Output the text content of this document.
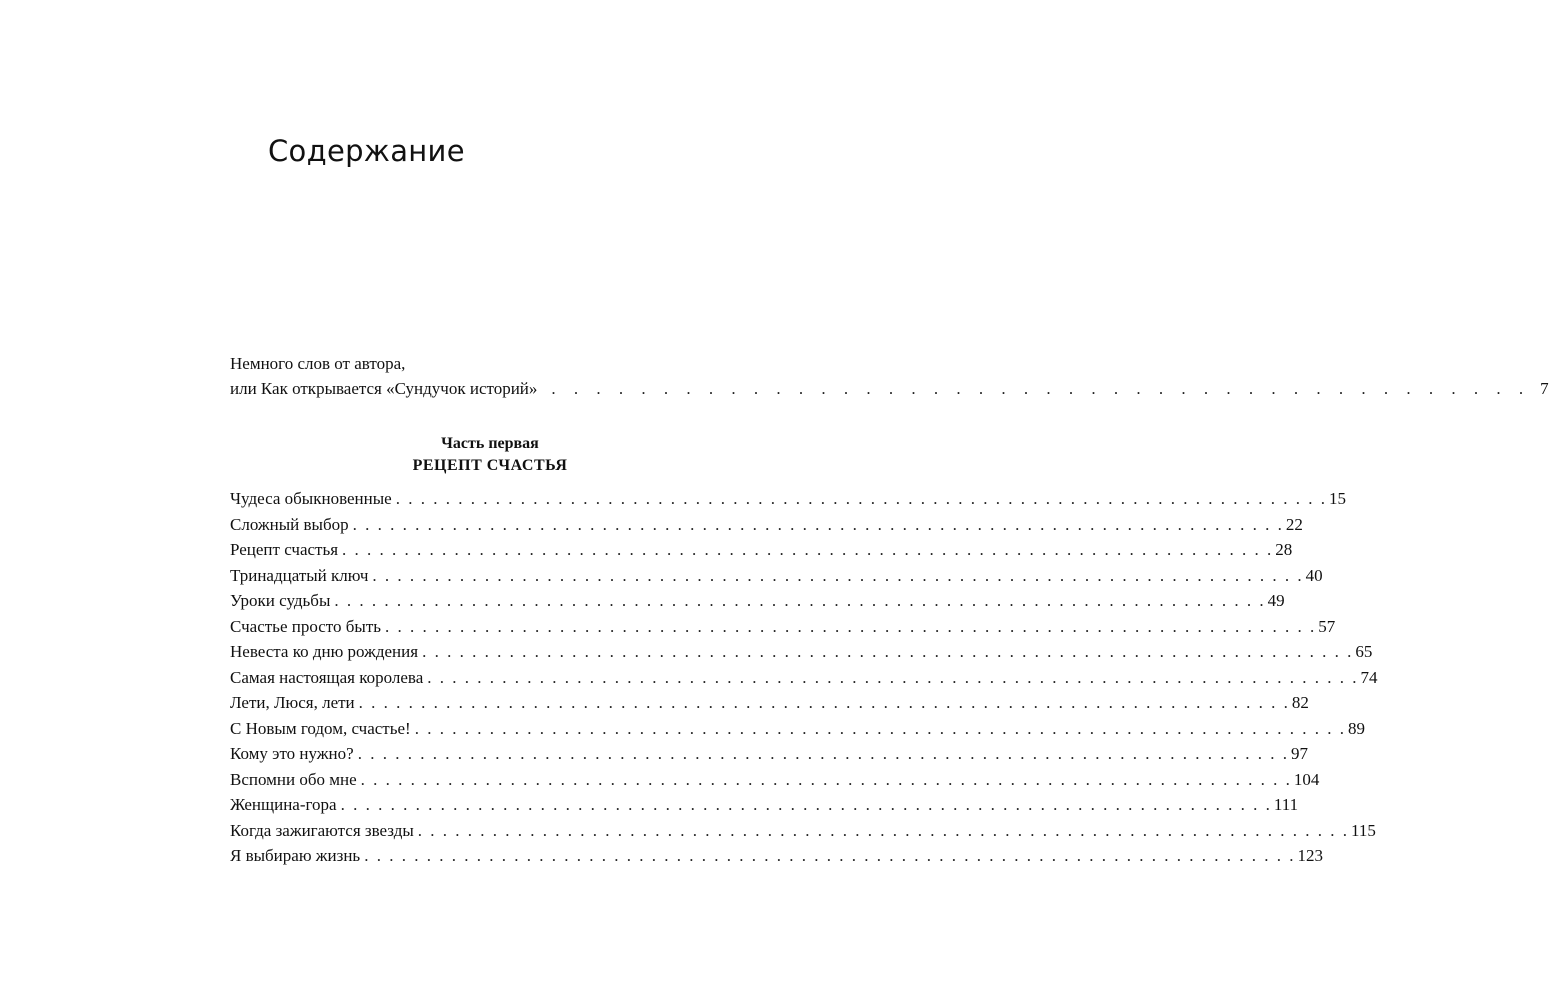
Содержание
Немного слов от автора,
или Как открывается «Сундучок историй» . . . . . . . . . . . . . . . . . . . . . . . . . . . . . . . . . . . . . . . . . . . . 7
Часть первая
РЕЦЕПТ СЧАСТЬЯ
Чудеса обыкновенные . . . . . . . . . . . . . . . . . . . . . . . . . . . . . . . . . . . . . . . . . . . . . . . . . . . . . . . . . . . . . . . . . . . . . . . . . . . 15
Сложный выбор . . . . . . . . . . . . . . . . . . . . . . . . . . . . . . . . . . . . . . . . . . . . . . . . . . . . . . . . . . . . . . . . . . . . . . . . . . . 22
Рецепт счастья . . . . . . . . . . . . . . . . . . . . . . . . . . . . . . . . . . . . . . . . . . . . . . . . . . . . . . . . . . . . . . . . . . . . . . . . . . . 28
Тринадцатый ключ . . . . . . . . . . . . . . . . . . . . . . . . . . . . . . . . . . . . . . . . . . . . . . . . . . . . . . . . . . . . . . . . . . . . . . . . . . . 40
Уроки судьбы . . . . . . . . . . . . . . . . . . . . . . . . . . . . . . . . . . . . . . . . . . . . . . . . . . . . . . . . . . . . . . . . . . . . . . . . . . . 49
Счастье просто быть . . . . . . . . . . . . . . . . . . . . . . . . . . . . . . . . . . . . . . . . . . . . . . . . . . . . . . . . . . . . . . . . . . . . . . . . . . . 57
Невеста ко дню рождения . . . . . . . . . . . . . . . . . . . . . . . . . . . . . . . . . . . . . . . . . . . . . . . . . . . . . . . . . . . . . . . . . . . . . . . . . . . 65
Самая настоящая королева . . . . . . . . . . . . . . . . . . . . . . . . . . . . . . . . . . . . . . . . . . . . . . . . . . . . . . . . . . . . . . . . . . . . . . . . . . . 74
Лети, Люся, лети . . . . . . . . . . . . . . . . . . . . . . . . . . . . . . . . . . . . . . . . . . . . . . . . . . . . . . . . . . . . . . . . . . . . . . . . . . . 82
С Новым годом, счастье! . . . . . . . . . . . . . . . . . . . . . . . . . . . . . . . . . . . . . . . . . . . . . . . . . . . . . . . . . . . . . . . . . . . . . . . . . . . 89
Кому это нужно? . . . . . . . . . . . . . . . . . . . . . . . . . . . . . . . . . . . . . . . . . . . . . . . . . . . . . . . . . . . . . . . . . . . . . . . . . . . 97
Вспомни обо мне . . . . . . . . . . . . . . . . . . . . . . . . . . . . . . . . . . . . . . . . . . . . . . . . . . . . . . . . . . . . . . . . . . . . . . . . . . . 104
Женщина-гора . . . . . . . . . . . . . . . . . . . . . . . . . . . . . . . . . . . . . . . . . . . . . . . . . . . . . . . . . . . . . . . . . . . . . . . . . . . 111
Когда зажигаются звезды . . . . . . . . . . . . . . . . . . . . . . . . . . . . . . . . . . . . . . . . . . . . . . . . . . . . . . . . . . . . . . . . . . . . . . . . . . . 115
Я выбираю жизнь . . . . . . . . . . . . . . . . . . . . . . . . . . . . . . . . . . . . . . . . . . . . . . . . . . . . . . . . . . . . . . . . . . . . . . . . . . . 123
